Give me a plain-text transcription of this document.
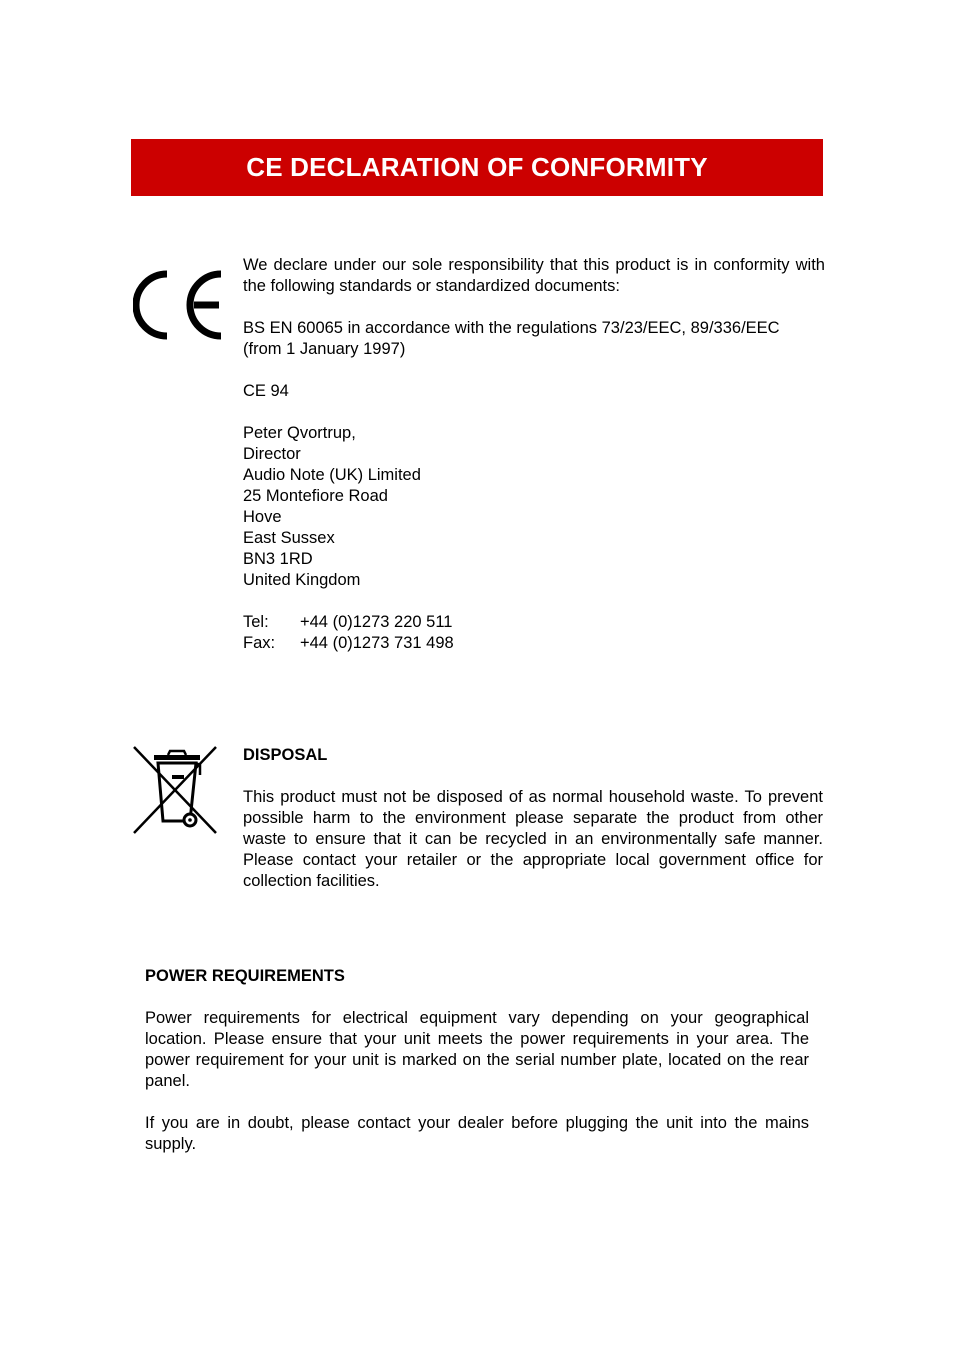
CE DECLARATION OF CONFORMITY

We declare under our sole responsibility that this product is in conformity with the following standards or standardized documents:

BS EN 60065 in accordance with the regulations 73/23/EEC, 89/336/EEC
(from 1 January 1997)

CE 94

Peter Qvortrup,
Director
Audio Note (UK) Limited
25 Montefiore Road
Hove
East Sussex
BN3 1RD
United Kingdom
Tel:	+44 (0)1273 220 511
Fax:	+44 (0)1273 731 498

DISPOSAL

This product must not be disposed of as normal household waste. To prevent possible harm to the environment please separate the product from other waste to ensure that it can be recycled in an environmentally safe manner. Please contact your retailer or the appropriate local government office for collection facilities.

POWER REQUIREMENTS

Power requirements for electrical equipment vary depending on your geographical location. Please ensure that your unit meets the power requirements in your area. The power requirement for your unit is marked on the serial number plate, located on the rear panel.

If you are in doubt, please contact your dealer before plugging the unit into the mains supply.
